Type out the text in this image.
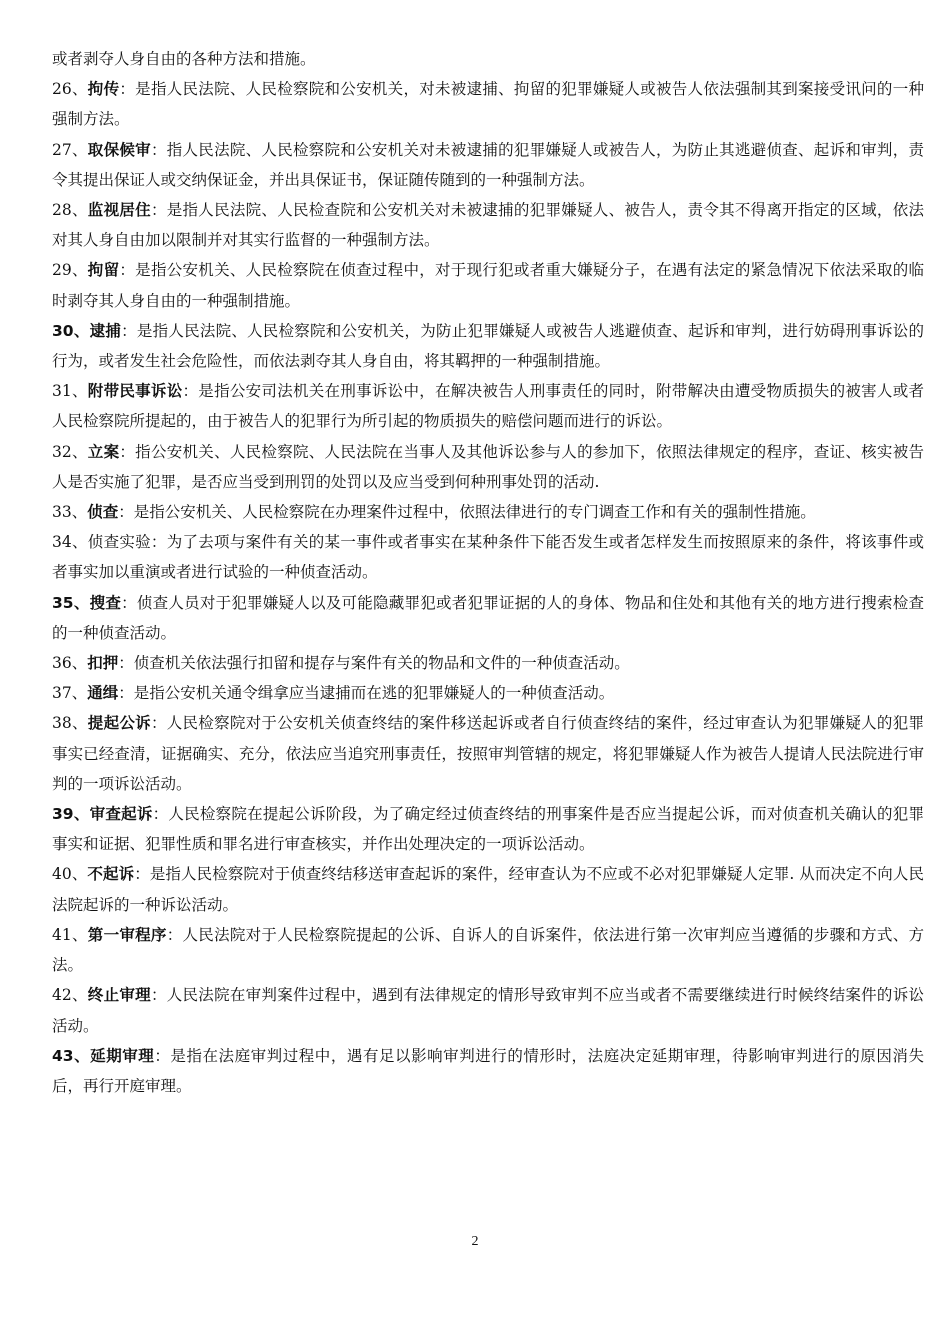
或者剥夺人身自由的各种方法和措施。

26、拘传：是指人民法院、人民检察院和公安机关，对未被逮捕、拘留的犯罪嫌疑人或被告人依法强制其到案接受讯问的一种强制方法。

27、取保候审：指人民法院、人民检察院和公安机关对未被逮捕的犯罪嫌疑人或被告人，为防止其逃避侦查、起诉和审判，责令其提出保证人或交纳保证金，并出具保证书，保证随传随到的一种强制方法。

28、监视居住：是指人民法院、人民检查院和公安机关对未被逮捕的犯罪嫌疑人、被告人，责令其不得离开指定的区域，依法对其人身自由加以限制并对其实行监督的一种强制方法。

29、拘留：是指公安机关、人民检察院在侦查过程中，对于现行犯或者重大嫌疑分子，在遇有法定的紧急情况下依法采取的临时剥夺其人身自由的一种强制措施。

30、逮捕：是指人民法院、人民检察院和公安机关，为防止犯罪嫌疑人或被告人逃避侦查、起诉和审判，进行妨碍刑事诉讼的行为，或者发生社会危险性，而依法剥夺其人身自由，将其羁押的一种强制措施。

31、附带民事诉讼：是指公安司法机关在刑事诉讼中，在解决被告人刑事责任的同时，附带解决由遭受物质损失的被害人或者人民检察院所提起的，由于被告人的犯罪行为所引起的物质损失的赔偿问题而进行的诉讼。

32、立案：指公安机关、人民检察院、人民法院在当事人及其他诉讼参与人的参加下，依照法律规定的程序，查证、核实被告人是否实施了犯罪，是否应当受到刑罚的处罚以及应当受到何种刑事处罚的活动.

33、侦查：是指公安机关、人民检察院在办理案件过程中，依照法律进行的专门调查工作和有关的强制性措施。

34、侦查实验：为了去项与案件有关的某一事件或者事实在某种条件下能否发生或者怎样发生而按照原来的条件，将该事件或者事实加以重演或者进行试验的一种侦查活动。

35、搜查：侦查人员对于犯罪嫌疑人以及可能隐藏罪犯或者犯罪证据的人的身体、物品和住处和其他有关的地方进行搜索检查的一种侦查活动。

36、扣押：侦查机关依法强行扣留和提存与案件有关的物品和文件的一种侦查活动。

37、通缉：是指公安机关通令缉拿应当逮捕而在逃的犯罪嫌疑人的一种侦查活动。

38、提起公诉：人民检察院对于公安机关侦查终结的案件移送起诉或者自行侦查终结的案件，经过审查认为犯罪嫌疑人的犯罪事实已经查清，证据确实、充分，依法应当追究刑事责任，按照审判管辖的规定，将犯罪嫌疑人作为被告人提请人民法院进行审判的一项诉讼活动。

39、审查起诉：人民检察院在提起公诉阶段，为了确定经过侦查终结的刑事案件是否应当提起公诉，而对侦查机关确认的犯罪事实和证据、犯罪性质和罪名进行审查核实，并作出处理决定的一项诉讼活动。

40、不起诉：是指人民检察院对于侦查终结移送审查起诉的案件，经审查认为不应或不必对犯罪嫌疑人定罪. 从而决定不向人民法院起诉的一种诉讼活动。

41、第一审程序：人民法院对于人民检察院提起的公诉、自诉人的自诉案件，依法进行第一次审判应当遵循的步骤和方式、方法。

42、终止审理：人民法院在审判案件过程中，遇到有法律规定的情形导致审判不应当或者不需要继续进行时候终结案件的诉讼活动。

43、延期审理：是指在法庭审判过程中，遇有足以影响审判进行的情形时，法庭决定延期审理，待影响审判进行的原因消失后，再行开庭审理。

2
